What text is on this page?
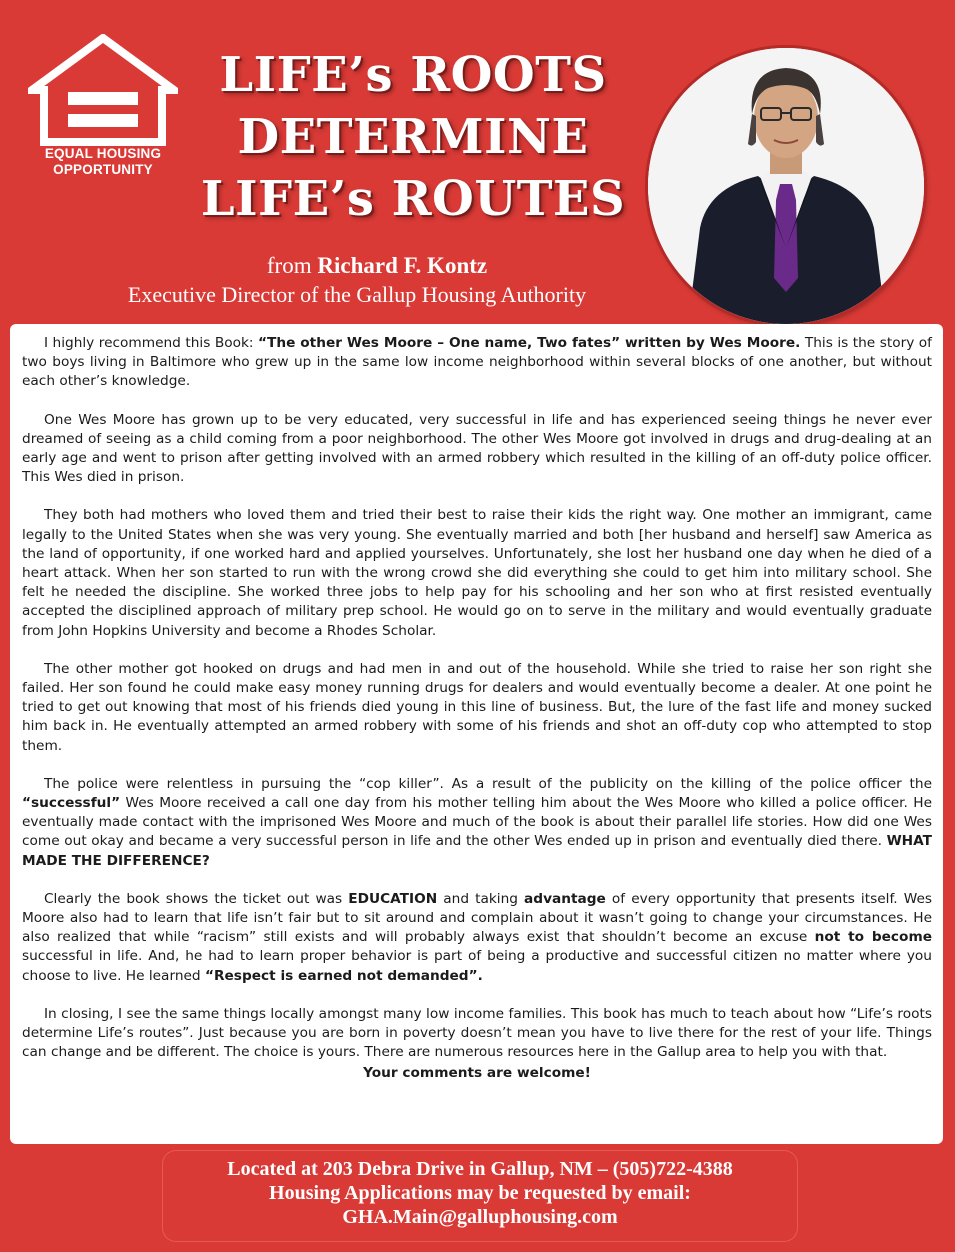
EQUAL HOUSING
OPPORTUNITY
LIFE’s ROOTS
DETERMINE
LIFE’s ROUTES
from Richard F. Kontz
Executive Director of the Gallup Housing Authority

I highly recommend this Book: “The other Wes Moore – One name, Two fates” written by Wes Moore. This is the story of two boys living in Baltimore who grew up in the same low income neighborhood within several blocks of one another, but without each other’s knowledge.

One Wes Moore has grown up to be very educated, very successful in life and has experienced seeing things he never ever dreamed of seeing as a child coming from a poor neighborhood. The other Wes Moore got involved in drugs and drug-dealing at an early age and went to prison after getting involved with an armed robbery which resulted in the killing of an off-duty police officer. This Wes died in prison.

They both had mothers who loved them and tried their best to raise their kids the right way. One mother an immigrant, came legally to the United States when she was very young. She eventually married and both [her husband and herself] saw America as the land of opportunity, if one worked hard and applied yourselves. Unfortunately, she lost her husband one day when he died of a heart attack. When her son started to run with the wrong crowd she did everything she could to get him into military school. She felt he needed the discipline. She worked three jobs to help pay for his schooling and her son who at first resisted eventually accepted the disciplined approach of military prep school. He would go on to serve in the military and would eventually graduate from John Hopkins University and become a Rhodes Scholar.

The other mother got hooked on drugs and had men in and out of the household. While she tried to raise her son right she failed. Her son found he could make easy money running drugs for dealers and would eventually become a dealer. At one point he tried to get out knowing that most of his friends died young in this line of business. But, the lure of the fast life and money sucked him back in. He eventually attempted an armed robbery with some of his friends and shot an off-duty cop who attempted to stop them.

The police were relentless in pursuing the “cop killer”. As a result of the publicity on the killing of the police officer the “successful” Wes Moore received a call one day from his mother telling him about the Wes Moore who killed a police officer. He eventually made contact with the imprisoned Wes Moore and much of the book is about their parallel life stories. How did one Wes come out okay and became a very successful person in life and the other Wes ended up in prison and eventually died there. WHAT MADE THE DIFFERENCE?

Clearly the book shows the ticket out was EDUCATION and taking advantage of every opportunity that presents itself. Wes Moore also had to learn that life isn’t fair but to sit around and complain about it wasn’t going to change your circumstances. He also realized that while “racism” still exists and will probably always exist that shouldn’t become an excuse not to become successful in life. And, he had to learn proper behavior is part of being a productive and successful citizen no matter where you choose to live. He learned “Respect is earned not demanded”.

In closing, I see the same things locally amongst many low income families. This book has much to teach about how “Life’s roots determine Life’s routes”. Just because you are born in poverty doesn’t mean you have to live there for the rest of your life. Things can change and be different. The choice is yours. There are numerous resources here in the Gallup area to help you with that.

Your comments are welcome!
Located at 203 Debra Drive in Gallup, NM – (505)722-4388
Housing Applications may be requested by email:
GHA.Main@galluphousing.com
